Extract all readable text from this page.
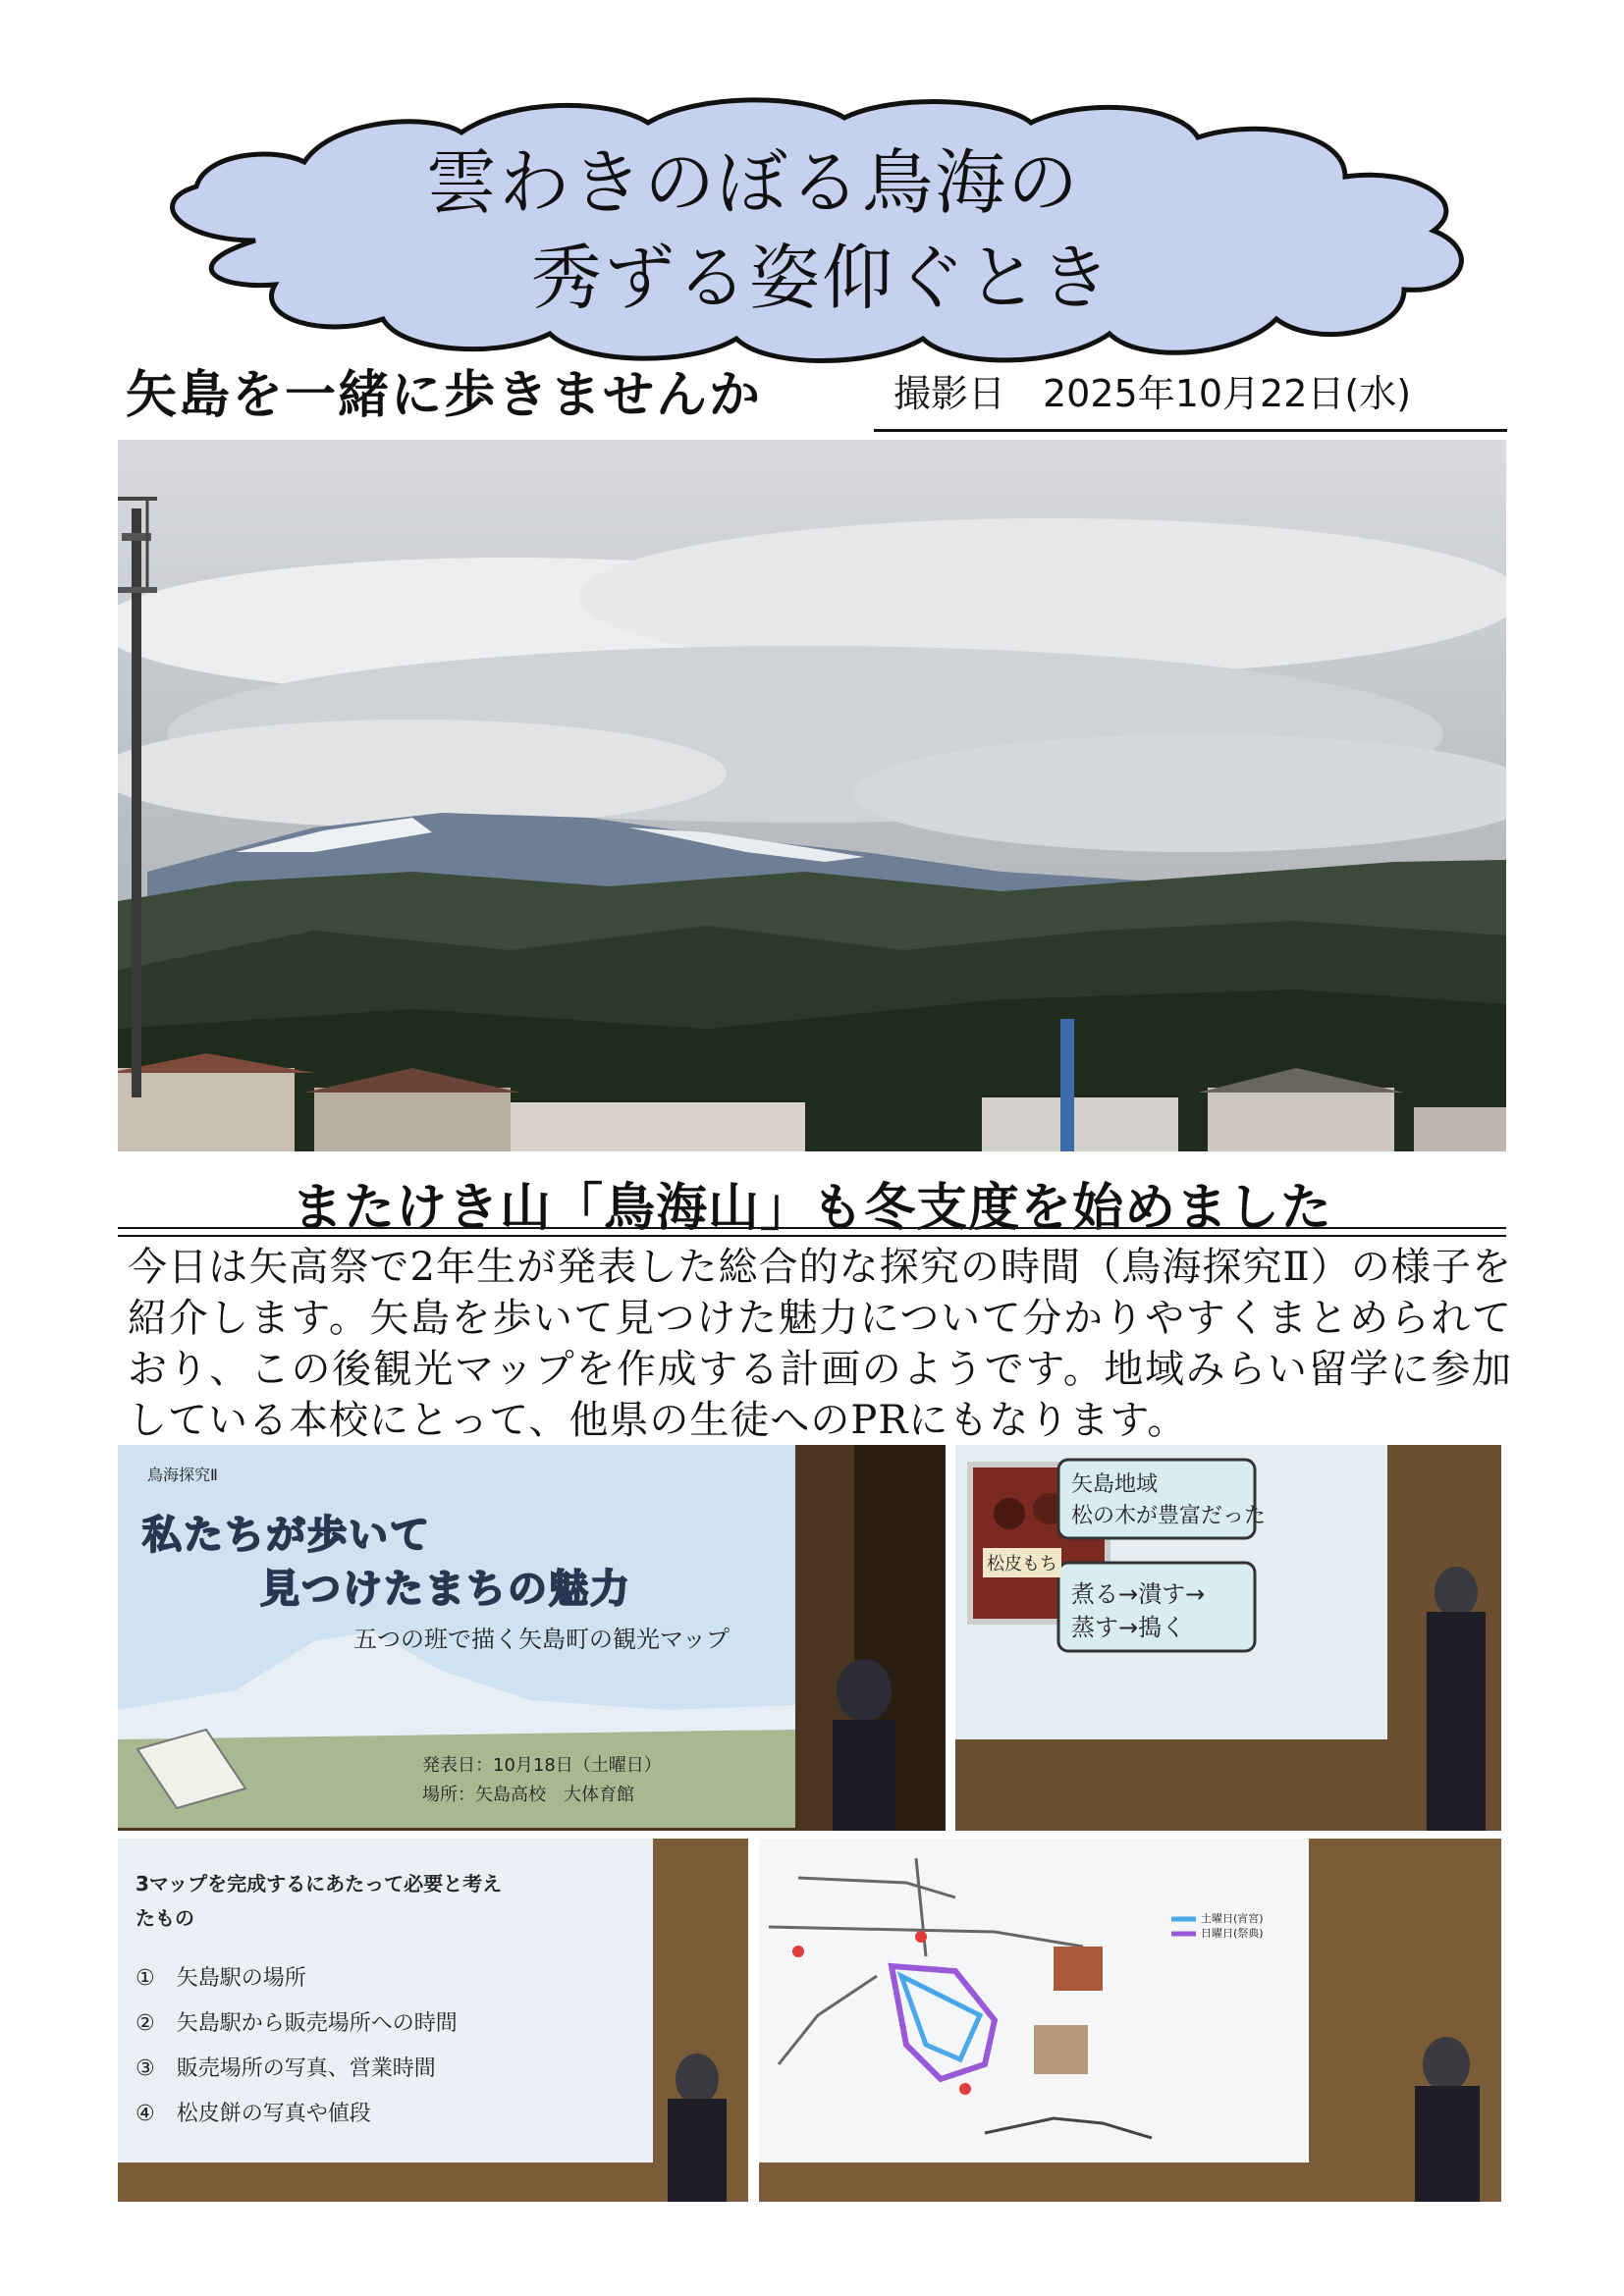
雲わきのぼる鳥海の
秀ずる姿仰ぐとき
矢島を一緒に歩きませんか	撮影日　2025年10月22日(水)
またけき山「鳥海山」も冬支度を始めました
今日は矢高祭で2年生が発表した総合的な探究の時間（鳥海探究Ⅱ）の様子を紹介します。矢島を歩いて見つけた魅力について分かりやすくまとめられており、この後観光マップを作成する計画のようです。地域みらい留学に参加している本校にとって、他県の生徒へのPRにもなります。
鳥海探究Ⅱ
私たちが歩いて
見つけたまちの魅力
五つの班で描く矢島町の観光マップ
発表日：10月18日（土曜日）
場所：矢島高校　大体育館
松皮もち
矢島地域
松の木が豊富だった
煮る→潰す→
蒸す→搗く
3マップを完成するにあたって必要と考え
たもの
① 矢島駅の場所
② 矢島駅から販売場所への時間
③ 販売場所の写真、営業時間
④ 松皮餅の写真や値段
土曜日(宵宮)
日曜日(祭典)
